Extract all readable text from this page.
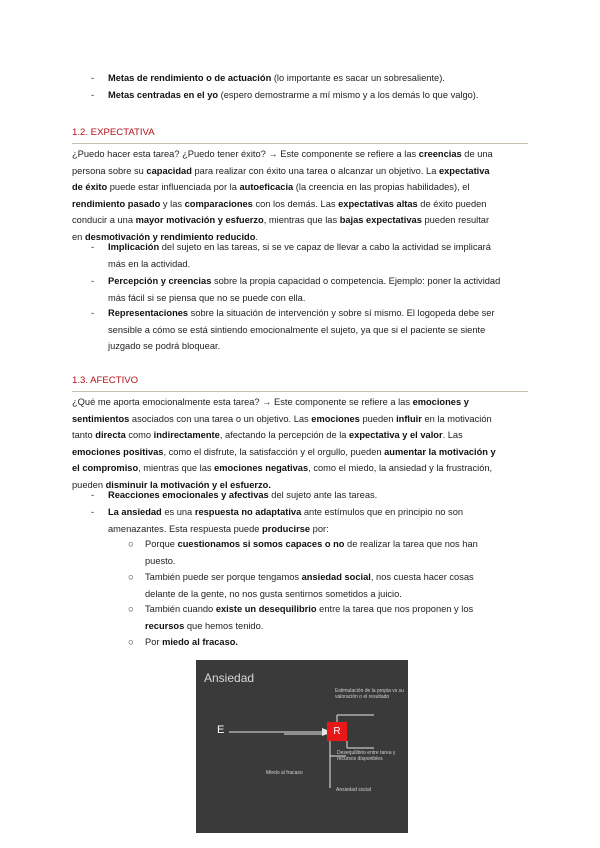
- Metas de rendimiento o de actuación (lo importante es sacar un sobresaliente).
- Metas centradas en el yo (espero demostrarme a mí mismo y a los demás lo que valgo).
1.2. EXPECTATIVA
¿Puedo hacer esta tarea? ¿Puedo tener éxito? → Este componente se refiere a las creencias de una
persona sobre su capacidad para realizar con éxito una tarea o alcanzar un objetivo. La expectativa
de éxito puede estar influenciada por la autoeficacia (la creencia en las propias habilidades), el
rendimiento pasado y las comparaciones con los demás. Las expectativas altas de éxito pueden
conducir a una mayor motivación y esfuerzo, mientras que las bajas expectativas pueden resultar
en desmotivación y rendimiento reducido.
- Implicación del sujeto en las tareas, si se ve capaz de llevar a cabo la actividad se implicará
más en la actividad.
- Percepción y creencias sobre la propia capacidad o competencia. Ejemplo: poner la actividad
más fácil si se piensa que no se puede con ella.
- Representaciones sobre la situación de intervención y sobre sí mismo. El logopeda debe ser
sensible a cómo se está sintiendo emocionalmente el sujeto, ya que si el paciente se siente
juzgado se podrá bloquear.
1.3. AFECTIVO
¿Qué me aporta emocionalmente esta tarea? → Este componente se refiere a las emociones y
sentimientos asociados con una tarea o un objetivo. Las emociones pueden influir en la motivación
tanto directa como indirectamente, afectando la percepción de la expectativa y el valor. Las
emociones positivas, como el disfrute, la satisfacción y el orgullo, pueden aumentar la motivación y
el compromiso, mientras que las emociones negativas, como el miedo, la ansiedad y la frustración,
pueden disminuir la motivación y el esfuerzo.
- Reacciones emocionales y afectivas del sujeto ante las tareas.
- La ansiedad es una respuesta no adaptativa ante estímulos que en principio no son
amenazantes. Esta respuesta puede producirse por:
○ Porque cuestionamos si somos capaces o no de realizar la tarea que nos han
puesto.
○ También puede ser porque tengamos ansiedad social, nos cuesta hacer cosas
delante de la gente, no nos gusta sentirnos sometidos a juicio.
○ También cuando existe un desequilibrio entre la tarea que nos proponen y los
recursos que hemos tenido.
○ Por miedo al fracaso.
Ansiedad
E	R
Estimulación de la propia vs su valoración o el resultado
Desequilibrio entre tarea y recursos disponibles
Miedo al fracaso
Ansiedad social
